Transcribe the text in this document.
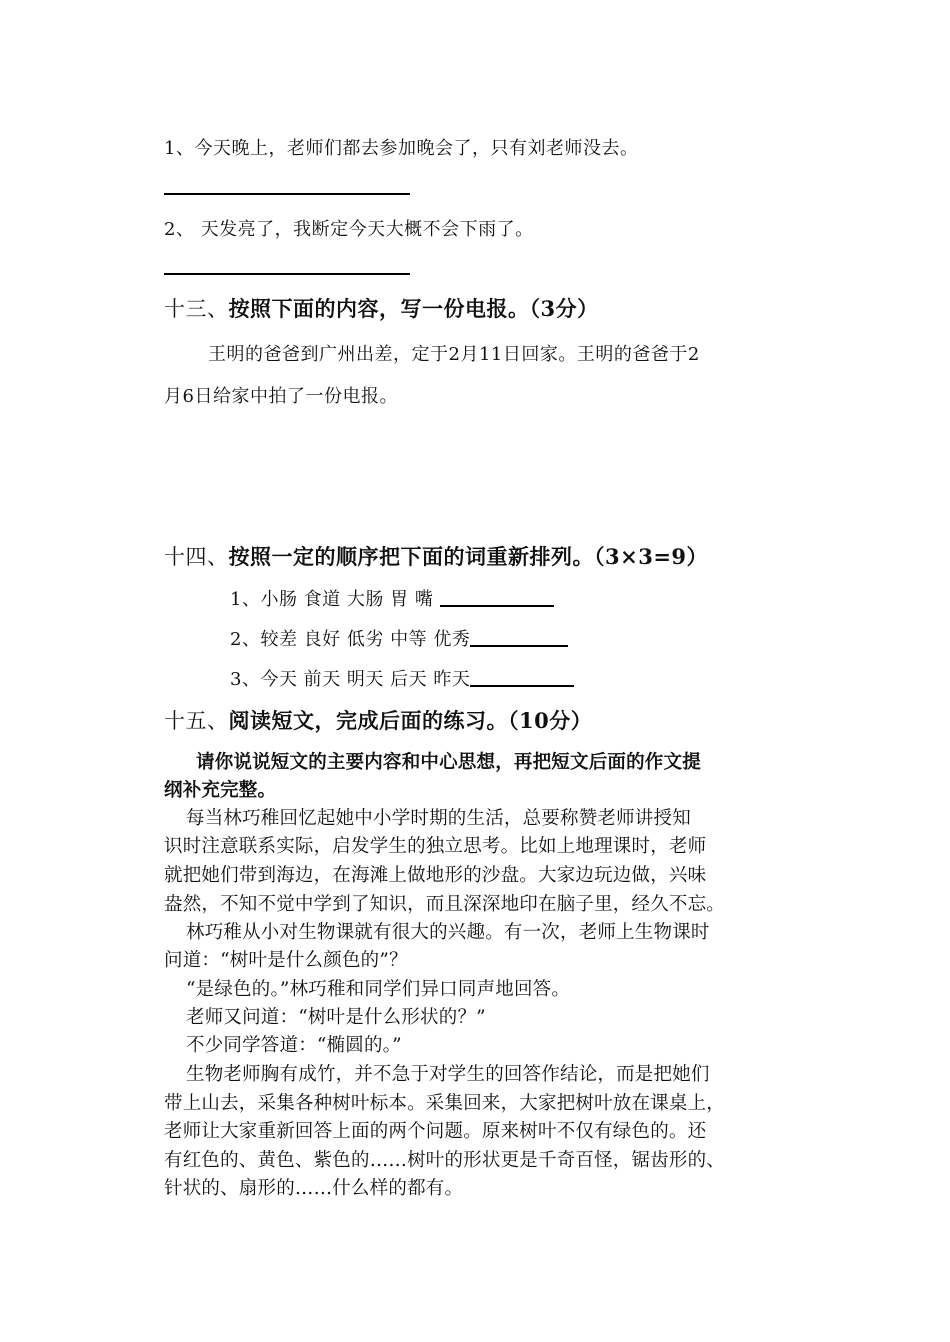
1、今天晚上，老师们都去参加晚会了，只有刘老师没去。
2、 天发亮了，我断定今天大概不会下雨了。
十三、按照下面的内容，写一份电报。（3分）
王明的爸爸到广州出差，定于2月11日回家。王明的爸爸于2
月6日给家中拍了一份电报。
十四、按照一定的顺序把下面的词重新排列。（3×3=9）
1、小肠 食道 大肠 胃 嘴
2、较差 良好 低劣 中等 优秀
3、今天 前天 明天 后天 昨天
十五、阅读短文，完成后面的练习。（10分）
请你说说短文的主要内容和中心思想，再把短文后面的作文提
纲补充完整。
每当林巧稚回忆起她中小学时期的生活，总要称赞老师讲授知
识时注意联系实际，启发学生的独立思考。比如上地理课时，老师
就把她们带到海边，在海滩上做地形的沙盘。大家边玩边做，兴味
盎然，不知不觉中学到了知识，而且深深地印在脑子里，经久不忘。
林巧稚从小对生物课就有很大的兴趣。有一次，老师上生物课时
问道：“树叶是什么颜色的”？
“是绿色的。”林巧稚和同学们异口同声地回答。
老师又问道：“树叶是什么形状的？”
不少同学答道：“椭圆的。”
生物老师胸有成竹，并不急于对学生的回答作结论，而是把她们
带上山去，采集各种树叶标本。采集回来，大家把树叶放在课桌上，
老师让大家重新回答上面的两个问题。原来树叶不仅有绿色的。还
有红色的、黄色、紫色的……树叶的形状更是千奇百怪，锯齿形的、
针状的、扇形的……什么样的都有。
